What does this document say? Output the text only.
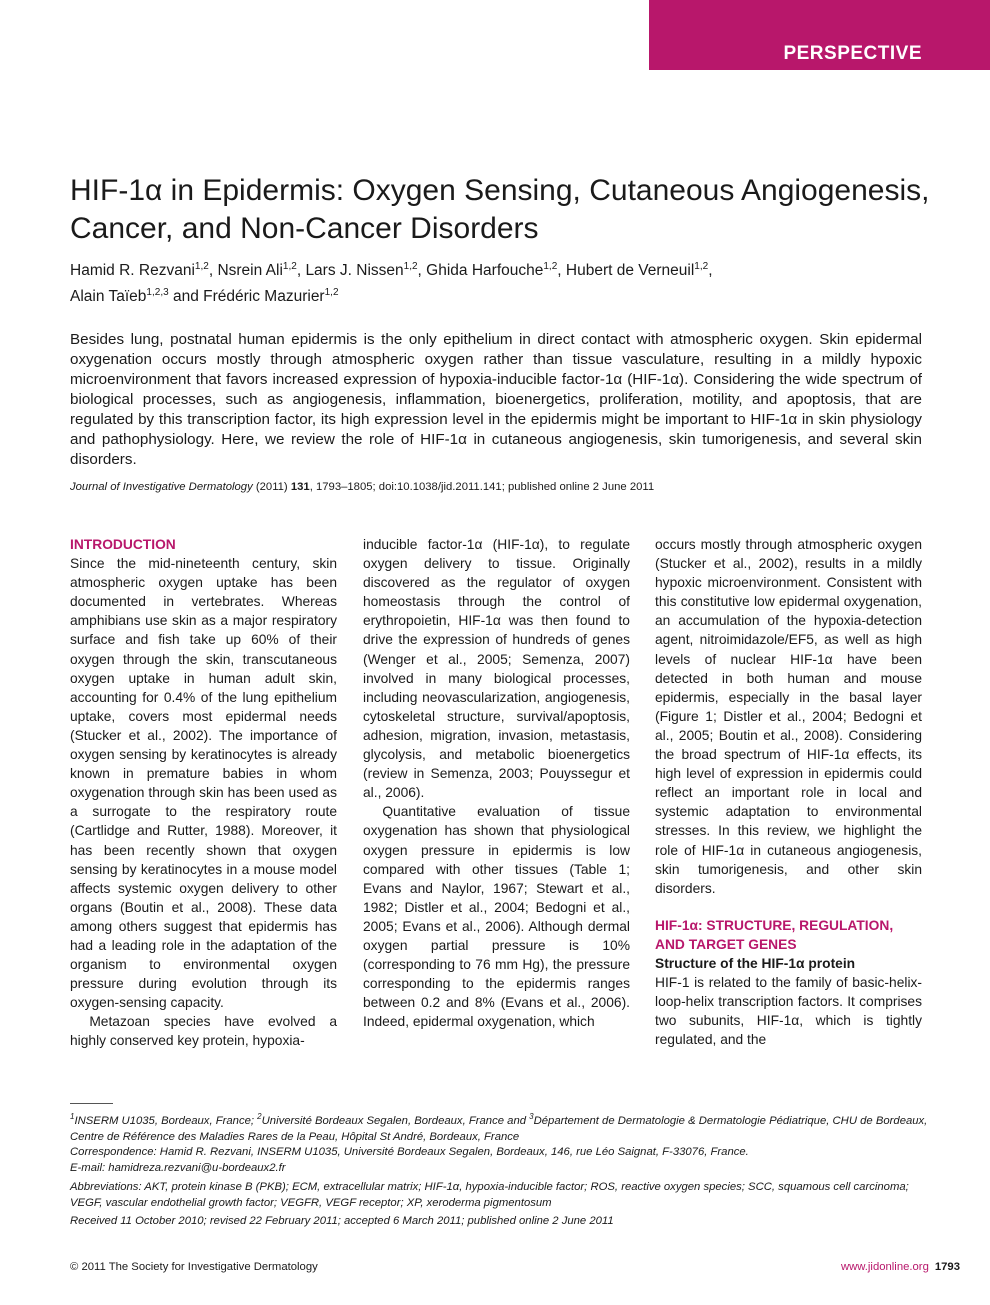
PERSPECTIVE
HIF-1α in Epidermis: Oxygen Sensing, Cutaneous Angiogenesis, Cancer, and Non-Cancer Disorders
Hamid R. Rezvani$^{1,2}$, Nsrein Ali$^{1,2}$, Lars J. Nissen$^{1,2}$, Ghida Harfouche$^{1,2}$, Hubert de Verneuil$^{1,2}$,
Alain Taïeb$^{1,2,3}$ and Frédéric Mazurier$^{1,2}$

Besides lung, postnatal human epidermis is the only epithelium in direct contact with atmospheric oxygen. Skin epidermal oxygenation occurs mostly through atmospheric oxygen rather than tissue vasculature, resulting in a mildly hypoxic microenvironment that favors increased expression of hypoxia-inducible factor-1α (HIF-1α). Considering the wide spectrum of biological processes, such as angiogenesis, inflammation, bioenergetics, proliferation, motility, and apoptosis, that are regulated by this transcription factor, its high expression level in the epidermis might be important to HIF-1α in skin physiology and pathophysiology. Here, we review the role of HIF-1α in cutaneous angiogenesis, skin tumorigenesis, and several skin disorders.

Journal of Investigative Dermatology (2011) 131, 1793–1805; doi:10.1038/jid.2011.141; published online 2 June 2011

INTRODUCTION

Since the mid-nineteenth century, skin atmospheric oxygen uptake has been documented in vertebrates. Whereas amphibians use skin as a major respiratory surface and fish take up 60% of their oxygen through the skin, transcutaneous oxygen uptake in human adult skin, accounting for 0.4% of the lung epithelium uptake, covers most epidermal needs (Stucker et al., 2002). The importance of oxygen sensing by keratinocytes is already known in premature babies in whom oxygenation through skin has been used as a surrogate to the respiratory route (Cartlidge and Rutter, 1988). Moreover, it has been recently shown that oxygen sensing by keratinocytes in a mouse model affects systemic oxygen delivery to other organs (Boutin et al., 2008). These data among others suggest that epidermis has had a leading role in the adaptation of the organism to environmental oxygen pressure during evolution through its oxygen-sensing capacity.

Metazoan species have evolved a highly conserved key protein, hypoxia-

inducible factor-1α (HIF-1α), to regulate oxygen delivery to tissue. Originally discovered as the regulator of oxygen homeostasis through the control of erythropoietin, HIF-1α was then found to drive the expression of hundreds of genes (Wenger et al., 2005; Semenza, 2007) involved in many biological processes, including neovascularization, angiogenesis, cytoskeletal structure, survival/apoptosis, adhesion, migration, invasion, metastasis, glycolysis, and metabolic bioenergetics (review in Semenza, 2003; Pouyssegur et al., 2006).

Quantitative evaluation of tissue oxygenation has shown that physiological oxygen pressure in epidermis is low compared with other tissues (Table 1; Evans and Naylor, 1967; Stewart et al., 1982; Distler et al., 2004; Bedogni et al., 2005; Evans et al., 2006). Although dermal oxygen partial pressure is 10% (corresponding to 76 mm Hg), the pressure corresponding to the epidermis ranges between 0.2 and 8% (Evans et al., 2006). Indeed, epidermal oxygenation, which

occurs mostly through atmospheric oxygen (Stucker et al., 2002), results in a mildly hypoxic microenvironment. Consistent with this constitutive low epidermal oxygenation, an accumulation of the hypoxia-detection agent, nitroimidazole/EF5, as well as high levels of nuclear HIF-1α have been detected in both human and mouse epidermis, especially in the basal layer (Figure 1; Distler et al., 2004; Bedogni et al., 2005; Boutin et al., 2008). Considering the broad spectrum of HIF-1α effects, its high level of expression in epidermis could reflect an important role in local and systemic adaptation to environmental stresses. In this review, we highlight the role of HIF-1α in cutaneous angiogenesis, skin tumorigenesis, and other skin disorders.

HIF-1α: STRUCTURE, REGULATION, AND TARGET GENES

Structure of the HIF-1α protein

HIF-1 is related to the family of basic-helix-loop-helix transcription factors. It comprises two subunits, HIF-1α, which is tightly regulated, and the

$^1$INSERM U1035, Bordeaux, France; $^2$Université Bordeaux Segalen, Bordeaux, France and $^3$Département de Dermatologie & Dermatologie Pédiatrique, CHU de Bordeaux, Centre de Référence des Maladies Rares de la Peau, Hôpital St André, Bordeaux, France

Correspondence: Hamid R. Rezvani, INSERM U1035, Université Bordeaux Segalen, Bordeaux, 146, rue Léo Saignat, F-33076, France.
E-mail: hamidreza.rezvani@u-bordeaux2.fr

Abbreviations: AKT, protein kinase B (PKB); ECM, extracellular matrix; HIF-1α, hypoxia-inducible factor; ROS, reactive oxygen species; SCC, squamous cell carcinoma; VEGF, vascular endothelial growth factor; VEGFR, VEGF receptor; XP, xeroderma pigmentosum

Received 11 October 2010; revised 22 February 2011; accepted 6 March 2011; published online 2 June 2011

© 2011 The Society for Investigative Dermatology	www.jidonline.org 1793
